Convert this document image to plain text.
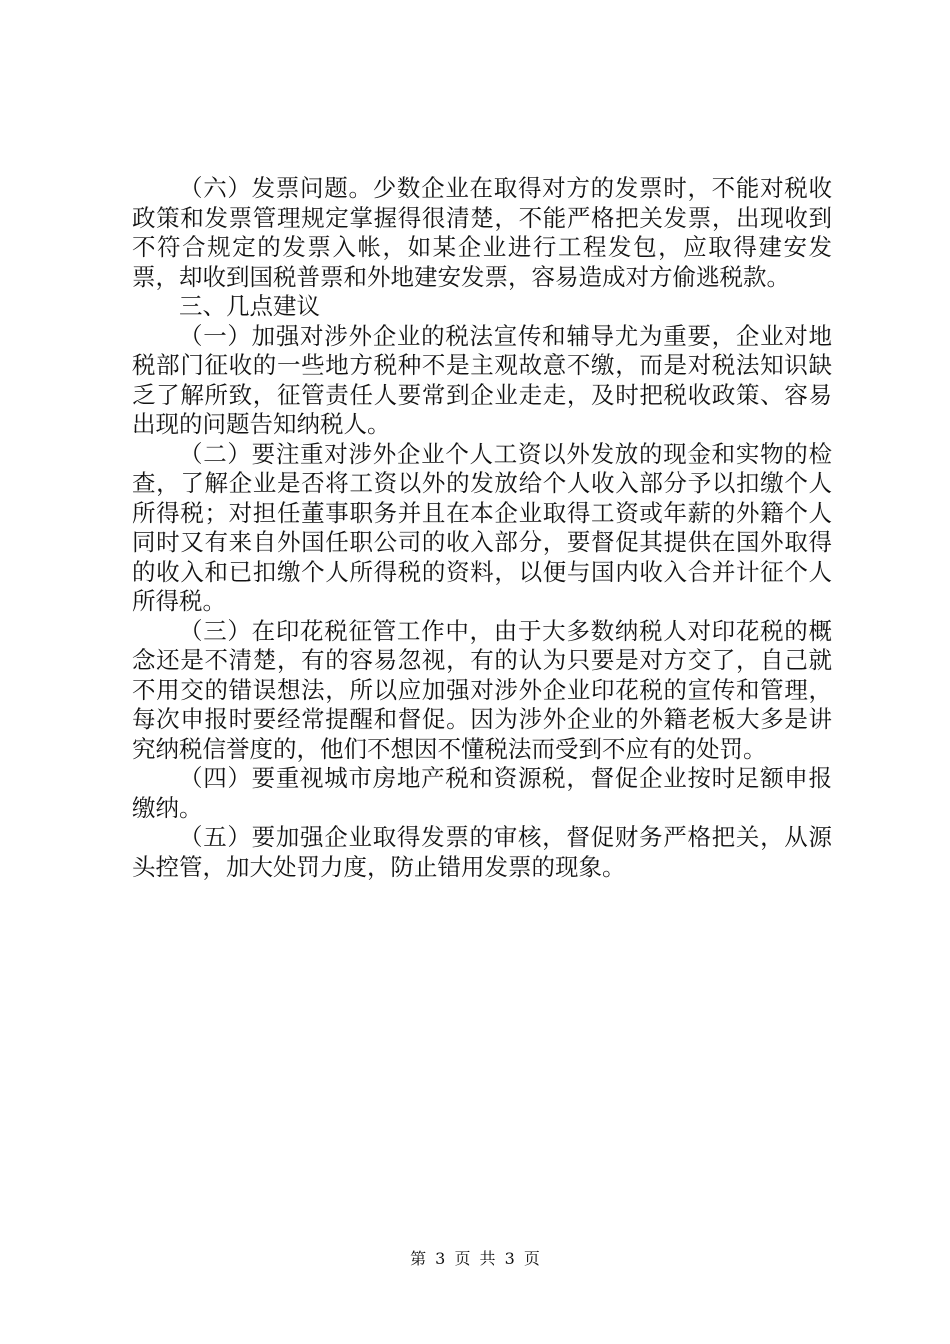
（六）发票问题。少数企业在取得对方的发票时，不能对税收政策和发票管理规定掌握得很清楚，不能严格把关发票，出现收到不符合规定的发票入帐，如某企业进行工程发包，应取得建安发票，却收到国税普票和外地建安发票，容易造成对方偷逃税款。

三、几点建议

（一）加强对涉外企业的税法宣传和辅导尤为重要，企业对地税部门征收的一些地方税种不是主观故意不缴，而是对税法知识缺乏了解所致，征管责任人要常到企业走走，及时把税收政策、容易出现的问题告知纳税人。

（二）要注重对涉外企业个人工资以外发放的现金和实物的检查，了解企业是否将工资以外的发放给个人收入部分予以扣缴个人所得税；对担任董事职务并且在本企业取得工资或年薪的外籍个人同时又有来自外国任职公司的收入部分，要督促其提供在国外取得的收入和已扣缴个人所得税的资料，以便与国内收入合并计征个人所得税。

（三）在印花税征管工作中，由于大多数纳税人对印花税的概念还是不清楚，有的容易忽视，有的认为只要是对方交了，自己就不用交的错误想法，所以应加强对涉外企业印花税的宣传和管理，每次申报时要经常提醒和督促。因为涉外企业的外籍老板大多是讲究纳税信誉度的，他们不想因不懂税法而受到不应有的处罚。

（四）要重视城市房地产税和资源税，督促企业按时足额申报缴纳。

（五）要加强企业取得发票的审核，督促财务严格把关，从源头控管，加大处罚力度，防止错用发票的现象。

第 3 页 共 3 页
